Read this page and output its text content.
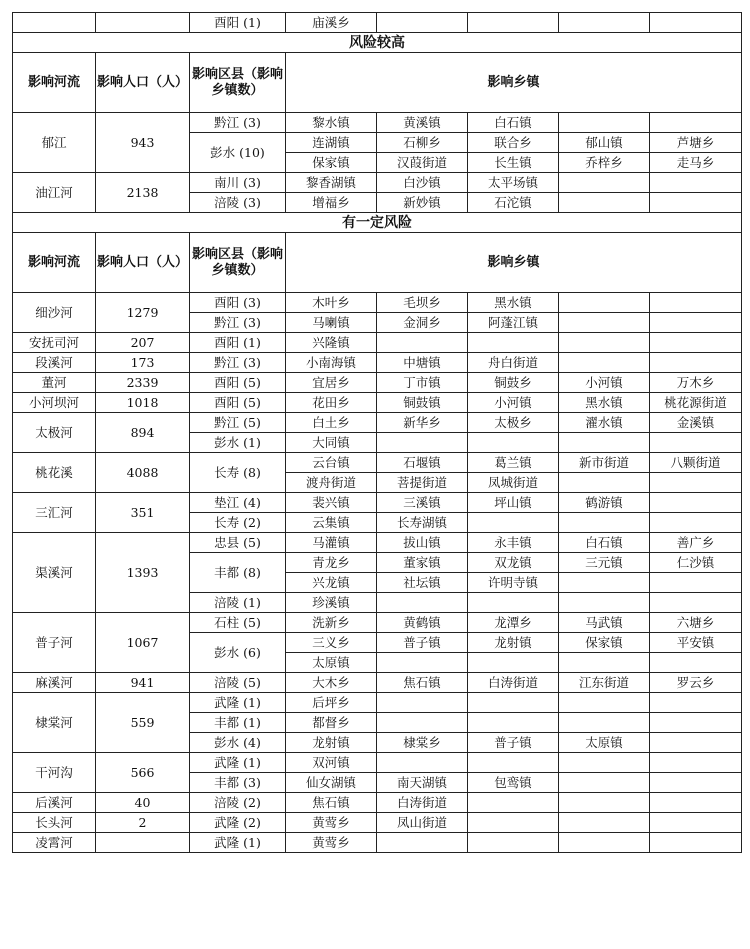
		酉阳 (1)	庙溪乡				
风险较高							
影响河流	影响人口（人）	影响区县（影响乡镇数）	影响乡镇				
郁江	943	黔江 (3)	黎水镇	黄溪镇	白石镇		
		彭水 (10)	连湖镇	石柳乡	联合乡	郁山镇	芦塘乡
			保家镇	汉葭街道	长生镇	乔梓乡	走马乡
油江河	2138	南川 (3)	黎香湖镇	白沙镇	太平场镇		
		涪陵 (3)	增福乡	新妙镇	石沱镇		
有一定风险							
影响河流	影响人口（人）	影响区县（影响乡镇数）	影响乡镇				
细沙河	1279	酉阳 (3)	木叶乡	毛坝乡	黑水镇		
		黔江 (3)	马喇镇	金洞乡	阿蓬江镇		
安抚司河	207	酉阳 (1)	兴隆镇				
段溪河	173	黔江 (3)	小南海镇	中塘镇	舟白街道		
董河	2339	酉阳 (5)	宜居乡	丁市镇	铜鼓乡	小河镇	万木乡
小河坝河	1018	酉阳 (5)	花田乡	铜鼓镇	小河镇	黑水镇	桃花源街道
太极河	894	黔江 (5)	白土乡	新华乡	太极乡	濯水镇	金溪镇
		彭水 (1)	大同镇				
桃花溪	4088	长寿 (8)	云台镇	石堰镇	葛兰镇	新市街道	八颗街道
			渡舟街道	菩提街道	凤城街道		
三汇河	351	垫江 (4)	裴兴镇	三溪镇	坪山镇	鹤游镇	
		长寿 (2)	云集镇	长寿湖镇			
渠溪河	1393	忠县 (5)	马灌镇	拔山镇	永丰镇	白石镇	善广乡
		丰都 (8)	青龙乡	董家镇	双龙镇	三元镇	仁沙镇
			兴龙镇	社坛镇	许明寺镇		
		涪陵 (1)	珍溪镇				
普子河	1067	石柱 (5)	洗新乡	黄鹤镇	龙潭乡	马武镇	六塘乡
		彭水 (6)	三义乡	普子镇	龙射镇	保家镇	平安镇
			太原镇				
麻溪河	941	涪陵 (5)	大木乡	焦石镇	白涛街道	江东街道	罗云乡
棣棠河	559	武隆 (1)	后坪乡				
		丰都 (1)	都督乡				
		彭水 (4)	龙射镇	棣棠乡	普子镇	太原镇	
干河沟	566	武隆 (1)	双河镇				
		丰都 (3)	仙女湖镇	南天湖镇	包鸾镇		
后溪河	40	涪陵 (2)	焦石镇	白涛街道			
长头河	2	武隆 (2)	黄莺乡	凤山街道			
凌霄河		武隆 (1)	黄莺乡				
